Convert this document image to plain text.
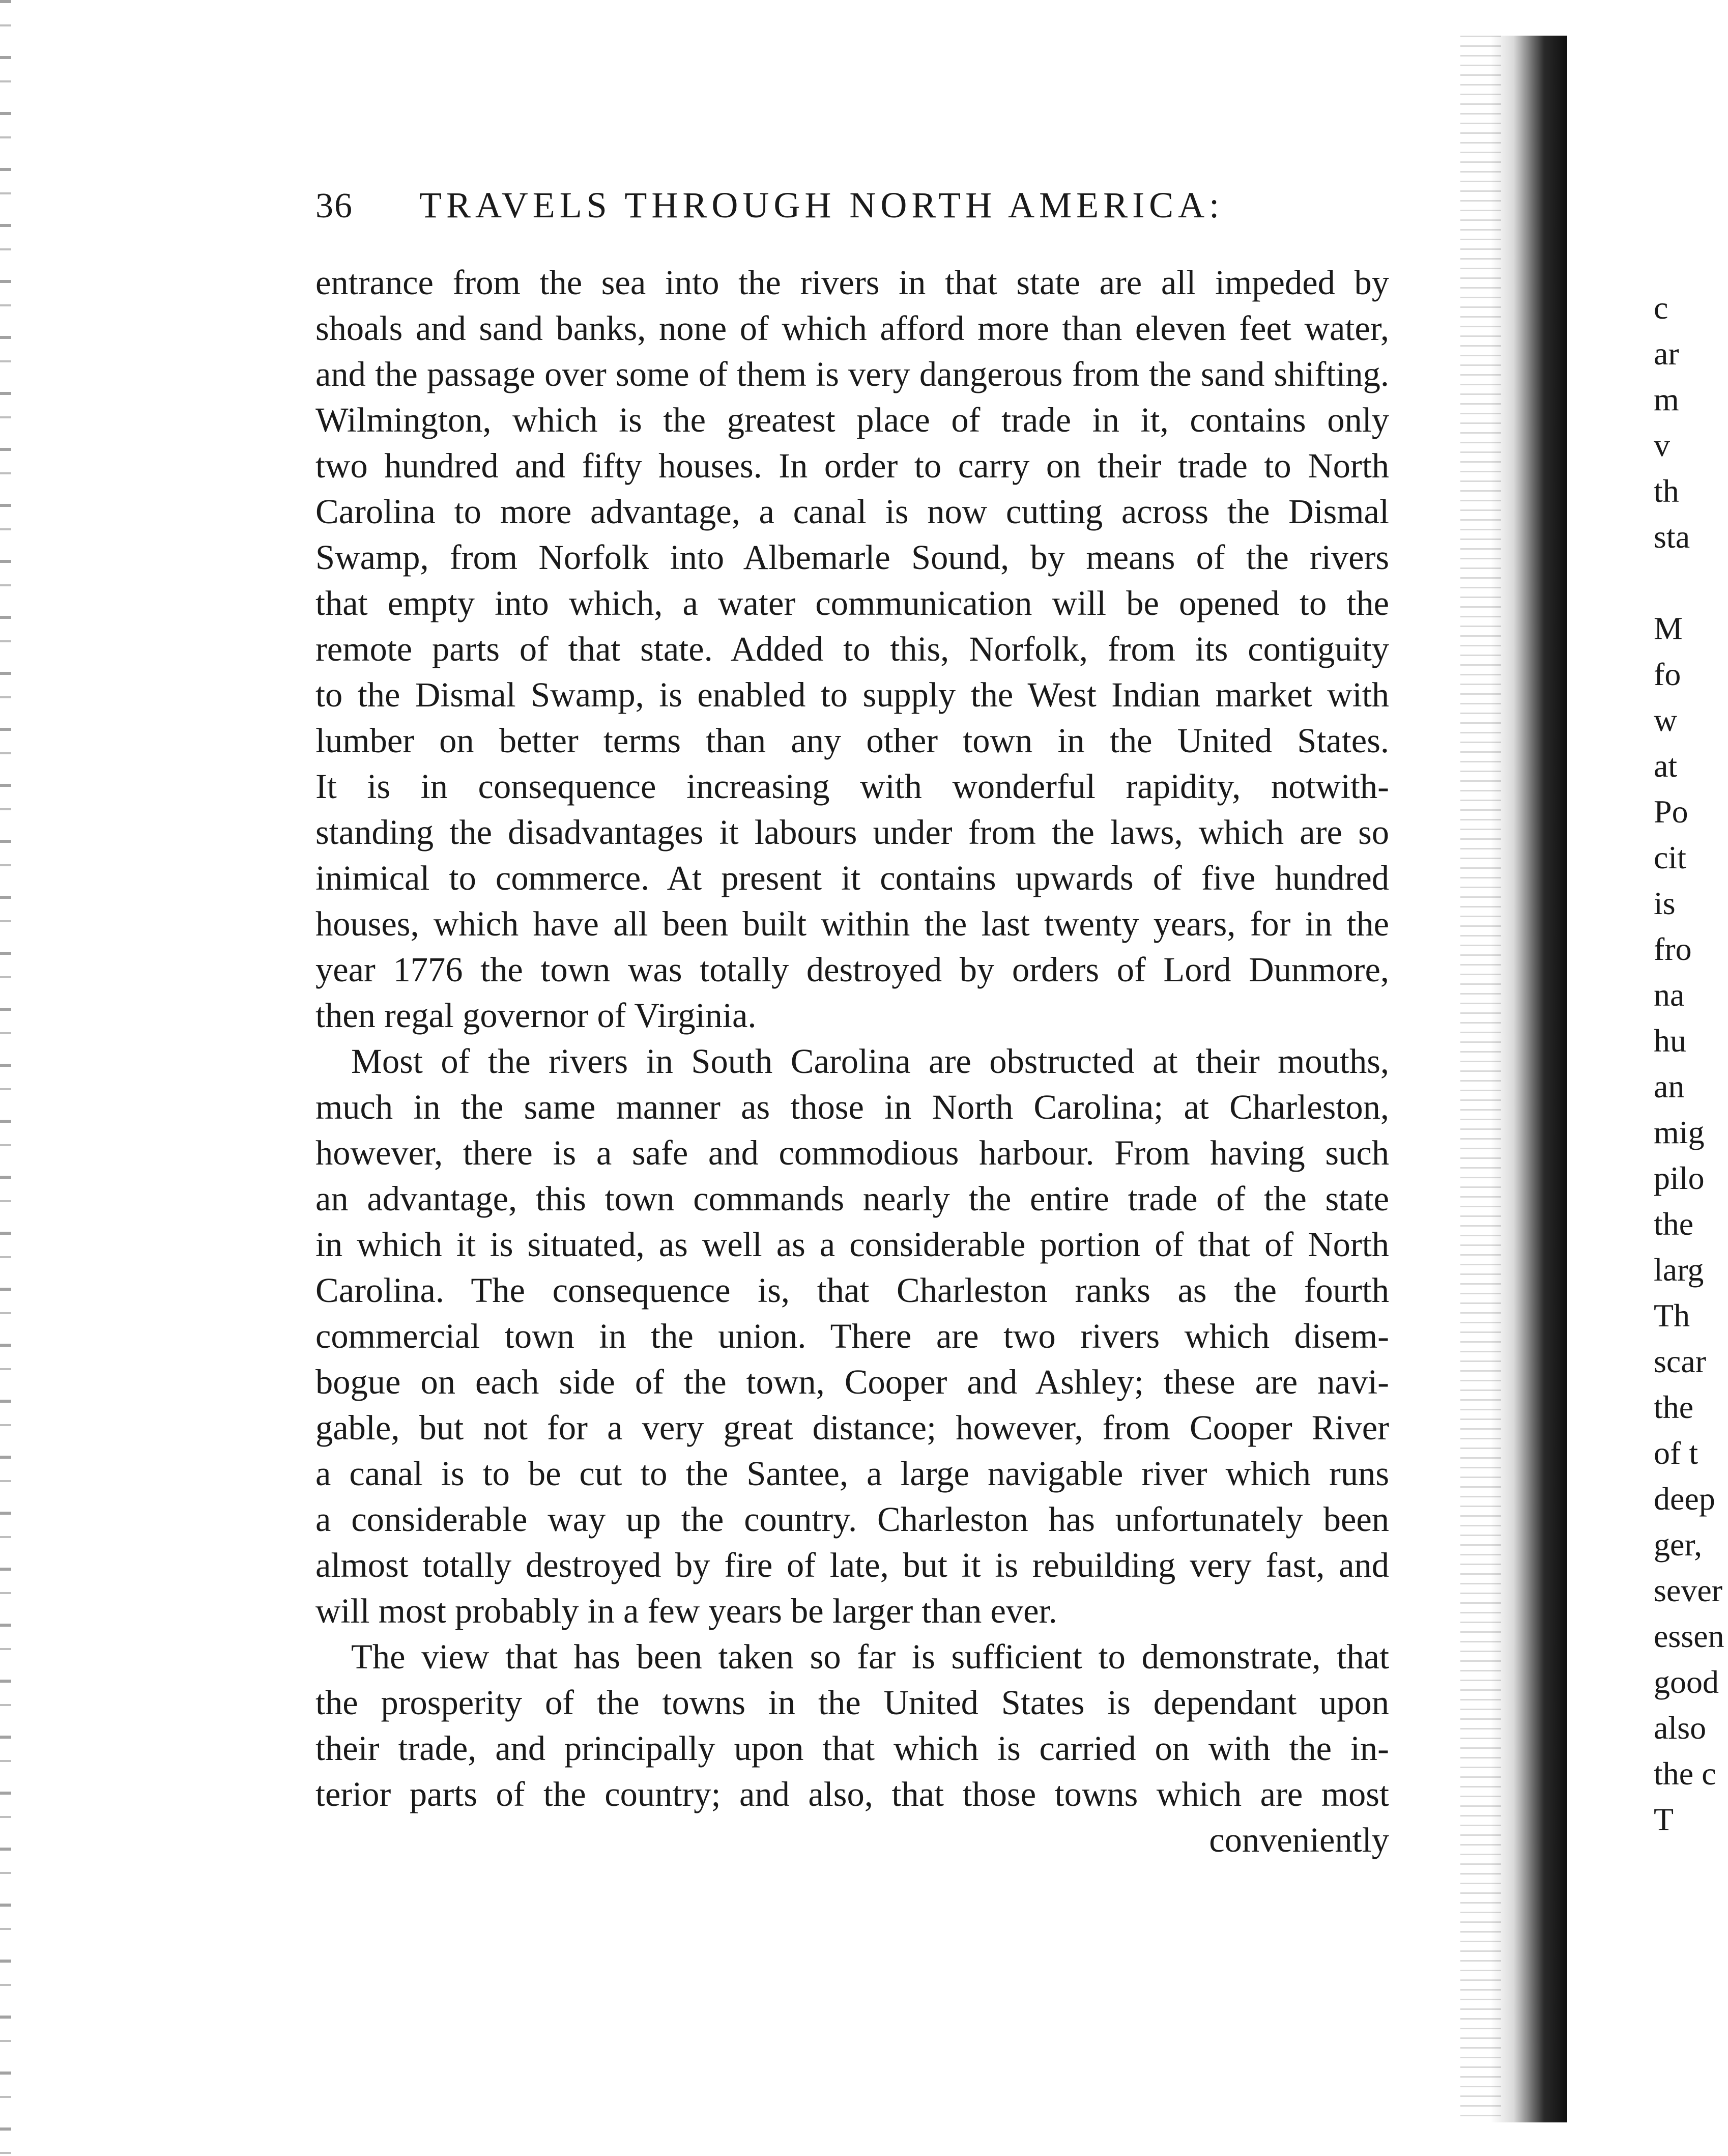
36 TRAVELS THROUGH NORTH AMERICA:
entrance from the sea into the rivers in that state are all impeded by
shoals and sand banks, none of which afford more than eleven feet water,
and the passage over some of them is very dangerous from the sand shifting.
Wilmington, which is the greatest place of trade in it, contains only
two hundred and fifty houses. In order to carry on their trade to North
Carolina to more advantage, a canal is now cutting across the Dismal
Swamp, from Norfolk into Albemarle Sound, by means of the rivers
that empty into which, a water communication will be opened to the
remote parts of that state. Added to this, Norfolk, from its contiguity
to the Dismal Swamp, is enabled to supply the West Indian market with
lumber on better terms than any other town in the United States.
It is in consequence increasing with wonderful rapidity, notwith-
standing the disadvantages it labours under from the laws, which are so
inimical to commerce. At present it contains upwards of five hundred
houses, which have all been built within the last twenty years, for in the
year 1776 the town was totally destroyed by orders of Lord Dunmore,
then regal governor of Virginia.
Most of the rivers in South Carolina are obstructed at their mouths,
much in the same manner as those in North Carolina; at Charleston,
however, there is a safe and commodious harbour. From having such
an advantage, this town commands nearly the entire trade of the state
in which it is situated, as well as a considerable portion of that of North
Carolina. The consequence is, that Charleston ranks as the fourth
commercial town in the union. There are two rivers which disem-
bogue on each side of the town, Cooper and Ashley; these are navi-
gable, but not for a very great distance; however, from Cooper River
a canal is to be cut to the Santee, a large navigable river which runs
a considerable way up the country. Charleston has unfortunately been
almost totally destroyed by fire of late, but it is rebuilding very fast, and
will most probably in a few years be larger than ever.
The view that has been taken so far is sufficient to demonstrate, that
the prosperity of the towns in the United States is dependant upon
their trade, and principally upon that which is carried on with the in-
terior parts of the country; and also, that those towns which are most
conveniently
c
ar
m
v
th
sta
M
fo
w
at
Po
cit
is
fro
na
hu
an
mig
pilo
the
larg
Th
scar
the
of t
deep
ger,
sever
essen
good
also
the c
T
